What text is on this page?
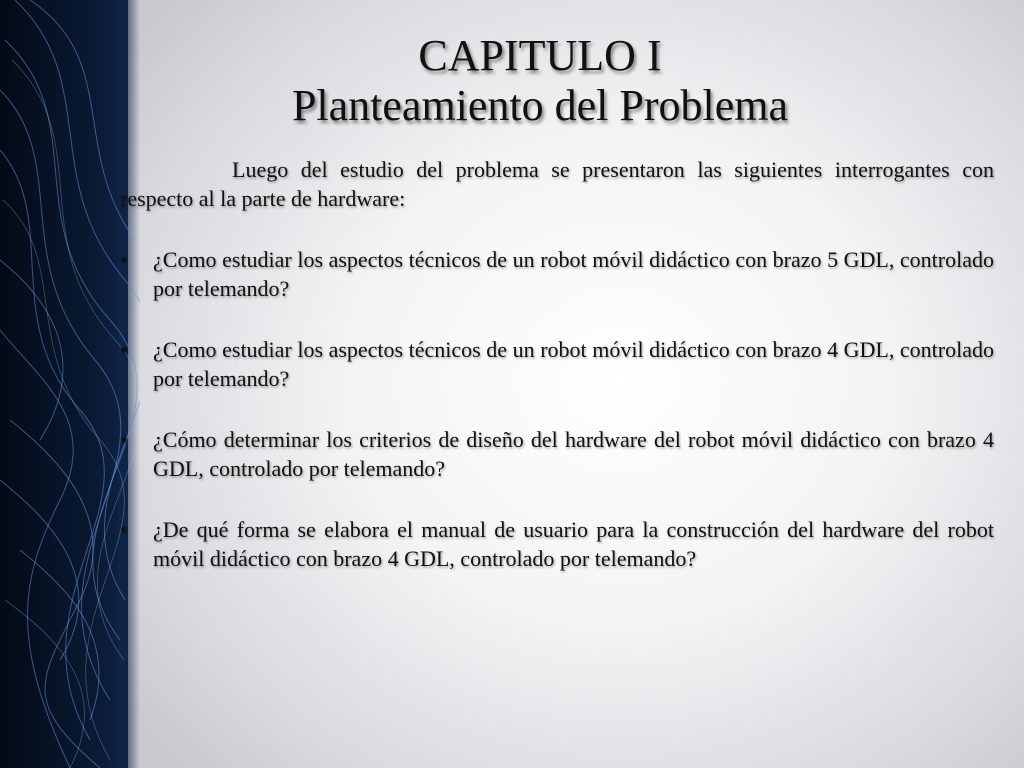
CAPITULO I
Planteamiento del Problema

Luego del estudio del problema se presentaron las siguientes interrogantes con respecto al la parte de hardware:

• ¿Como estudiar los aspectos técnicos de un robot móvil didáctico con brazo 5 GDL, controlado por telemando?
• ¿Como estudiar los aspectos técnicos de un robot móvil didáctico con brazo 4 GDL, controlado por telemando?
• ¿Cómo determinar los criterios de diseño del hardware del robot móvil didáctico con brazo 4 GDL, controlado por telemando?
• ¿De qué forma se elabora el manual de usuario para la construcción del hardware del robot móvil didáctico con brazo 4 GDL, controlado por telemando?
